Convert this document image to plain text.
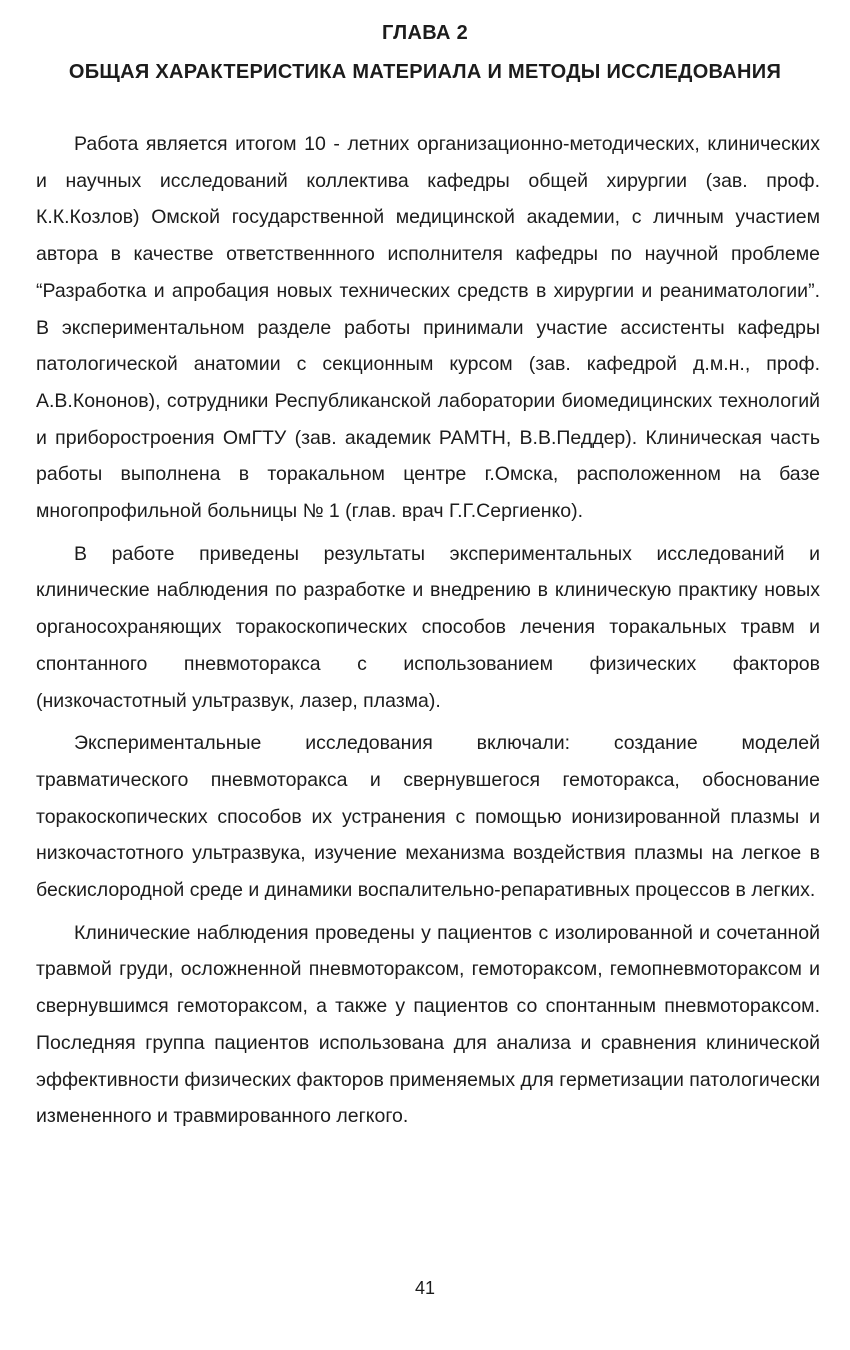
ГЛАВА 2
ОБЩАЯ ХАРАКТЕРИСТИКА МАТЕРИАЛА И МЕТОДЫ ИССЛЕДОВАНИЯ

Работа является итогом 10 - летних организационно-методических, клинических и научных исследований коллектива кафедры общей хирургии (зав. проф. К.К.Козлов) Омской государственной медицинской академии, с личным участием автора в качестве ответственнного исполнителя кафедры по научной проблеме “Разработка и апробация новых технических средств в хирургии и реаниматологии”. В экспериментальном разделе работы принимали участие ассистенты кафедры патологической анатомии с секционным курсом (зав. кафедрой д.м.н., проф. А.В.Кононов), сотрудники Республиканской лаборатории биомедицинских технологий и приборостроения ОмГТУ (зав. академик РАМТН, В.В.Педдер). Клиническая часть работы выполнена в торакальном центре г.Омска, расположенном на базе многопрофильной больницы № 1 (глав. врач Г.Г.Сергиенко).

В работе приведены результаты экспериментальных исследований и клинические наблюдения по разработке и внедрению в клиническую практику новых органосохраняющих торакоскопических способов лечения торакальных травм и спонтанного пневмоторакса с использованием физических факторов (низкочастотный ультразвук, лазер, плазма).

Экспериментальные исследования включали: создание моделей травматического пневмоторакса и свернувшегося гемоторакса, обоснование торакоскопических способов их устранения с помощью ионизированной плазмы и низкочастотного ультразвука, изучение механизма воздействия плазмы на легкое в бескислородной среде и динамики воспалительно-репаративных процессов в легких.

Клинические наблюдения проведены у пациентов с изолированной и сочетанной травмой груди, осложненной пневмотораксом, гемотораксом, гемопневмотораксом и свернувшимся гемотораксом, а также у пациентов со спонтанным пневмотораксом. Последняя группа пациентов использована для анализа и сравнения клинической эффективности физических факторов применяемых для герметизации патологически измененного и травмированного легкого.

41
